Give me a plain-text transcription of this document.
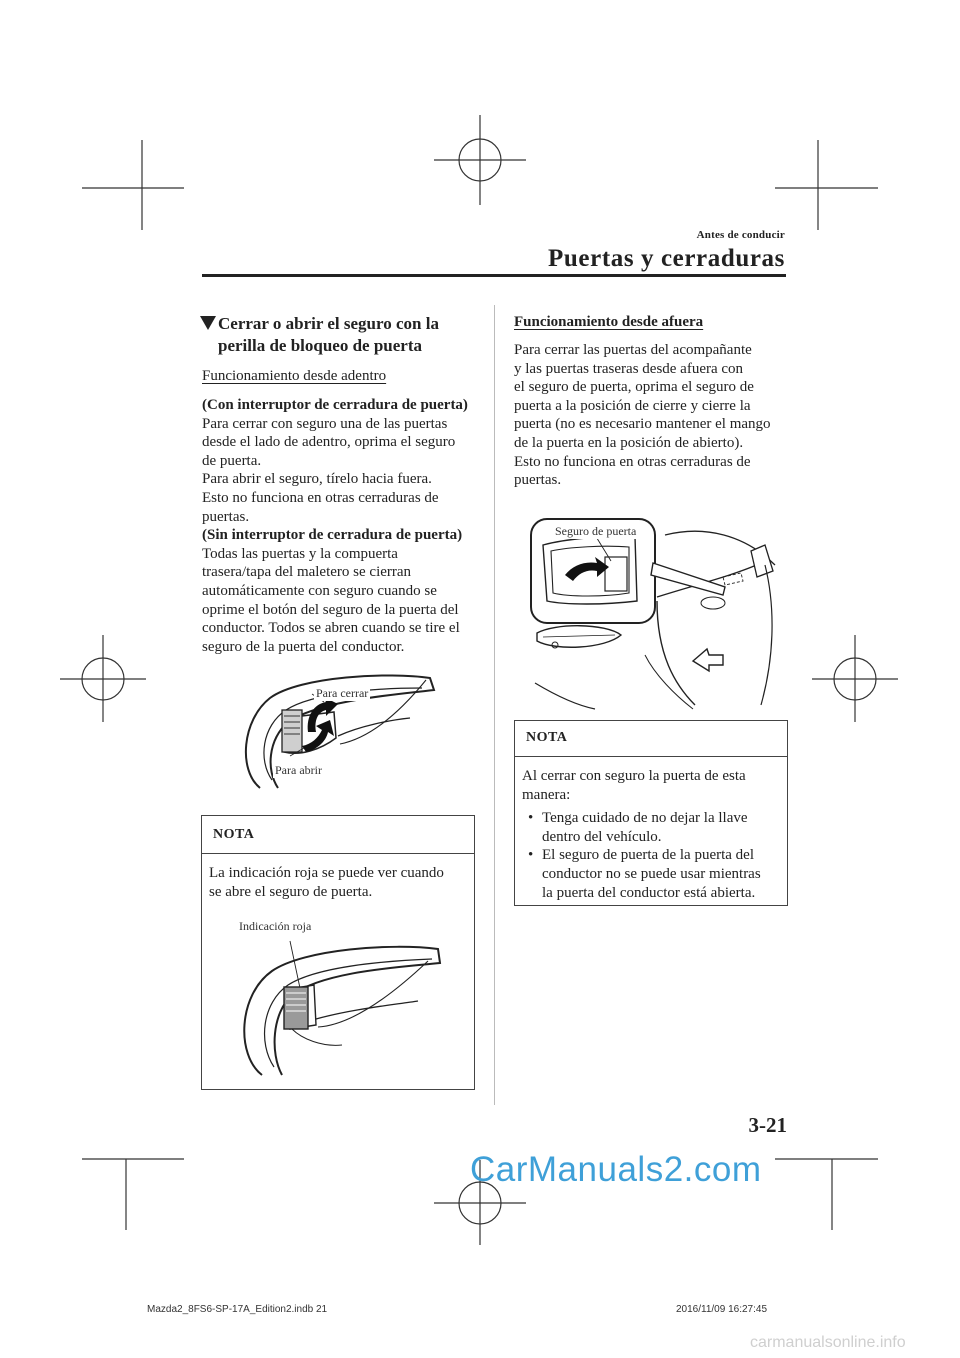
Antes de conducir
Puertas y cerraduras
Cerrar o abrir el seguro con la
perilla de bloqueo de puerta
Funcionamiento desde adentro

(Con interruptor de cerradura de puerta)

Para cerrar con seguro una de las puertas

desde el lado de adentro, oprima el seguro

de puerta.

Para abrir el seguro, tírelo hacia fuera.

Esto no funciona en otras cerraduras de

puertas.

(Sin interruptor de cerradura de puerta)

Todas las puertas y la compuerta

trasera/tapa del maletero se cierran

automáticamente con seguro cuando se

oprime el botón del seguro de la puerta del

conductor. Todos se abren cuando se tire el

seguro de la puerta del conductor.

Para cerrar
Para abrir
NOTA

La indicación roja se puede ver cuando

se abre el seguro de puerta.

Indicación roja
Funcionamiento desde afuera

Para cerrar las puertas del acompañante

y las puertas traseras desde afuera con

el seguro de puerta, oprima el seguro de

puerta a la posición de cierre y cierre la

puerta (no es necesario mantener el mango

de la puerta en la posición de abierto).

Esto no funciona en otras cerraduras de

puertas.

Seguro de puerta
NOTA

Al cerrar con seguro la puerta de esta

manera:

• Tenga cuidado de no dejar la llave
dentro del vehículo.
• El seguro de puerta de la puerta del
conductor no se puede usar mientras
la puerta del conductor está abierta.
3-21
CarManuals2.com
Mazda2_8FS6-SP-17A_Edition2.indb 21	2016/11/09 16:27:45
carmanualsonline.info
